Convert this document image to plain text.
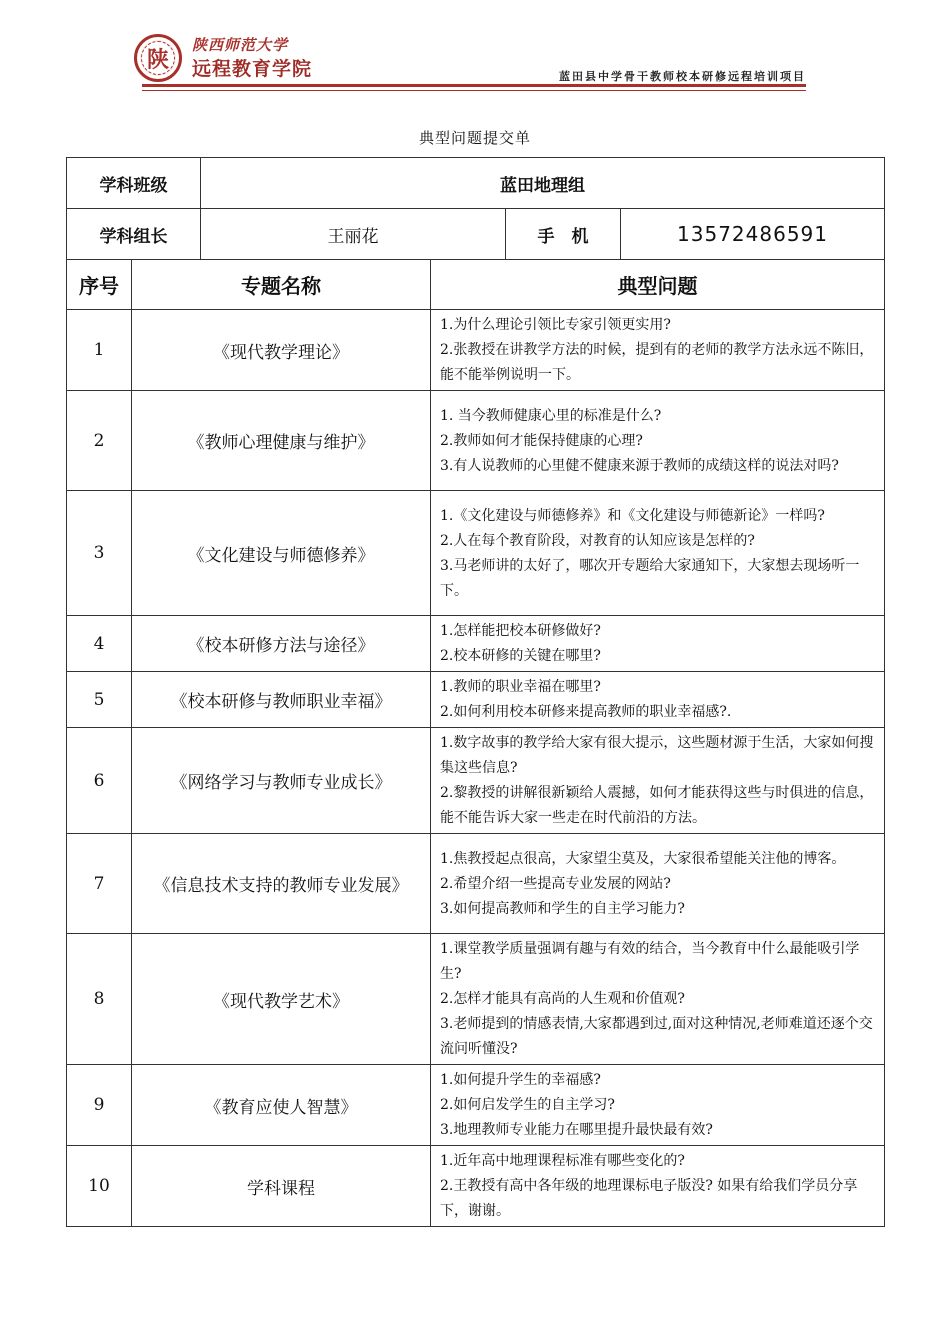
陕
陕西师范大学
远程教育学院	蓝田县中学骨干教师校本研修远程培训项目
典型问题提交单
学科班级	蓝田地理组		
学科组长	王丽花	手　机	13572486591
序号	专题名称	典型问题
1	《现代教学理论》	1.为什么理论引领比专家引领更实用?

2.张教授在讲教学方法的时候，提到有的老师的教学方法永远不陈旧，能不能举例说明一下。

2	《教师心理健康与维护》	1. 当今教师健康心里的标准是什么?

2.教师如何才能保持健康的心理?

3.有人说教师的心里健不健康来源于教师的成绩这样的说法对吗?

3	《文化建设与师德修养》	1.《文化建设与师德修养》和《文化建设与师德新论》一样吗?

2.人在每个教育阶段，对教育的认知应该是怎样的?

3.马老师讲的太好了，哪次开专题给大家通知下，大家想去现场听一下。

4	《校本研修方法与途径》	1.怎样能把校本研修做好?

2.校本研修的关键在哪里?

5	《校本研修与教师职业幸福》	1.教师的职业幸福在哪里?

2.如何利用校本研修来提高教师的职业幸福感?.

6	《网络学习与教师专业成长》	1.数字故事的教学给大家有很大提示，这些题材源于生活，大家如何搜集这些信息?

2.黎教授的讲解很新颖给人震撼，如何才能获得这些与时俱进的信息，能不能告诉大家一些走在时代前沿的方法。

7	《信息技术支持的教师专业发展》	1.焦教授起点很高，大家望尘莫及，大家很希望能关注他的博客。

2.希望介绍一些提高专业发展的网站?

3.如何提高教师和学生的自主学习能力?

8	《现代教学艺术》	1.课堂教学质量强调有趣与有效的结合，当今教育中什么最能吸引学生?

2.怎样才能具有高尚的人生观和价值观?

3.老师提到的情感表情,大家都遇到过,面对这种情况,老师难道还逐个交流问听懂没?

9	《教育应使人智慧》	1.如何提升学生的幸福感?

2.如何启发学生的自主学习?

3.地理教师专业能力在哪里提升最快最有效?

10	学科课程	1.近年高中地理课程标准有哪些变化的?

2.王教授有高中各年级的地理课标电子版没? 如果有给我们学员分享下，谢谢。
